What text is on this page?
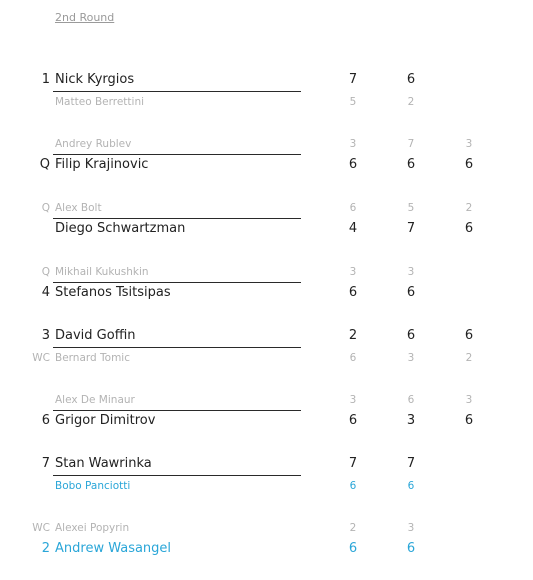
2nd Round
1 Nick Kyrgios	7	6
Matteo Berrettini	5	2
Andrey Rublev	3	7	3
Q Filip Krajinovic	6	6	6
Q Alex Bolt	6	5	2
Diego Schwartzman	4	7	6
Q Mikhail Kukushkin	3	3
4 Stefanos Tsitsipas	6	6
3 David Goffin	2	6	6
WC Bernard Tomic	6	3	2
Alex De Minaur	3	6	3
6 Grigor Dimitrov	6	3	6
7 Stan Wawrinka	7	7
Bobo Panciotti	6	6
WC Alexei Popyrin	2	3
2 Andrew Wasangel	6	6
